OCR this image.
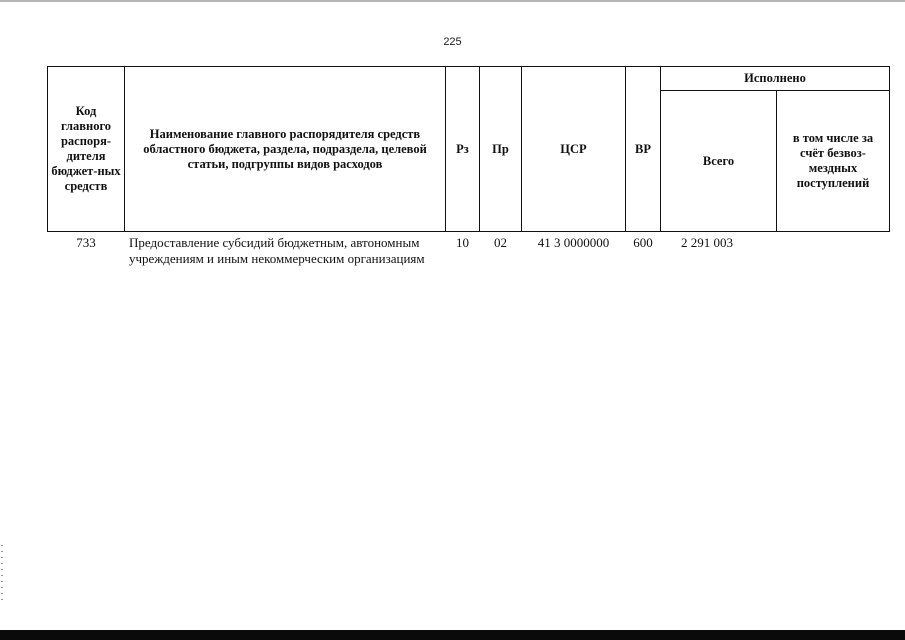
225
Код главного распоря-дителя бюджет-ных средств	Наименование главного распорядителя средств областного бюджета, раздела, подраздела, целевой статьи, подгруппы видов расходов	Рз	Пр	ЦСР	ВР	Исполнено	
						Всего	в том числе за счёт безвоз-мездных поступлений
733	Предоставление субсидий бюджетным, автономным учреждениям и иным некоммерческим организациям	10	02	41 3 0000000	600	2 291 003	
